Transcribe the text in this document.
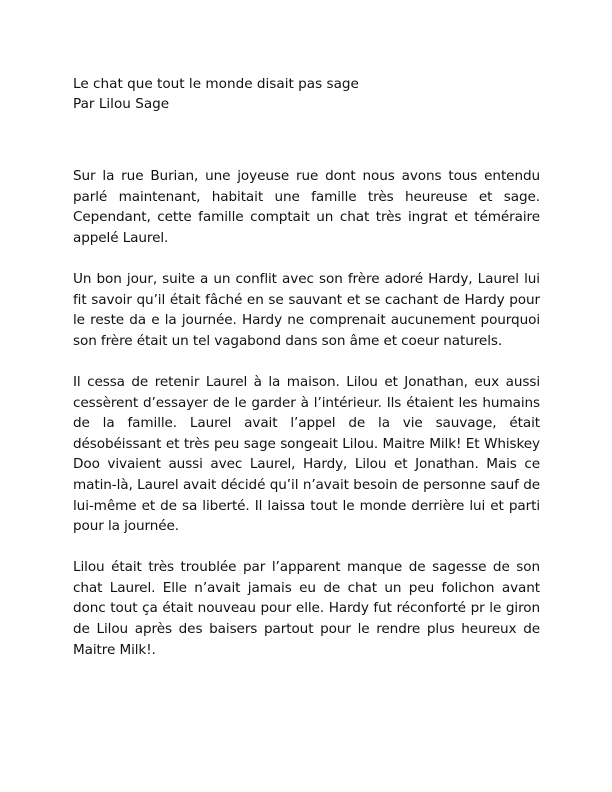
Le chat que tout le monde disait pas sage

Par Lilou Sage

Sur la rue Burian, une joyeuse rue dont nous avons tous entendu parlé maintenant, habitait une famille très heureuse et sage. Cependant, cette famille comptait un chat très ingrat et téméraire appelé Laurel.

Un bon jour, suite a un conflit avec son frère adoré Hardy, Laurel lui fit savoir qu’il était fâché en se sauvant et se cachant de Hardy pour le reste da e la journée. Hardy ne comprenait aucunement pourquoi son frère était un tel vagabond dans son âme et coeur naturels.

Il cessa de retenir Laurel à la maison. Lilou et Jonathan, eux aussi cessèrent d’essayer de le garder à l’intérieur. Ils étaient les humains de la famille. Laurel avait l’appel de la vie sauvage, était désobéissant et très peu sage songeait Lilou. Maitre Milk! Et Whiskey Doo vivaient aussi avec Laurel, Hardy, Lilou et Jonathan. Mais ce matin-là, Laurel avait décidé qu’il n’avait besoin de personne sauf de lui-même et de sa liberté. Il laissa tout le monde derrière lui et parti pour la journée.

Lilou était très troublée par l’apparent manque de sagesse de son chat Laurel. Elle n’avait jamais eu de chat un peu folichon avant donc tout ça était nouveau pour elle. Hardy fut réconforté pr le giron de Lilou après des baisers partout pour le rendre plus heureux de Maitre Milk!.
